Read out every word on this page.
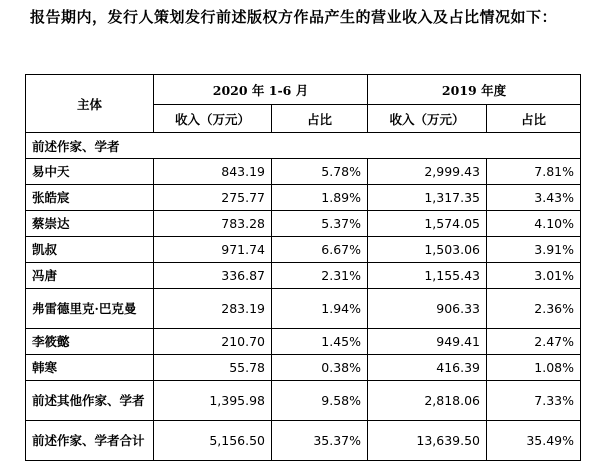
报告期内，发行人策划发行前述版权方作品产生的营业收入及占比情况如下：
主体	2020 年 1-6 月		2019 年度	
	收入（万元）	占比	收入（万元）	占比
前述作家、学者				
易中天	843.19	5.78%	2,999.43	7.81%
张皓宸	275.77	1.89%	1,317.35	3.43%
蔡崇达	783.28	5.37%	1,574.05	4.10%
凯叔	971.74	6.67%	1,503.06	3.91%
冯唐	336.87	2.31%	1,155.43	3.01%
弗雷德里克·巴克曼	283.19	1.94%	906.33	2.36%
李筱懿	210.70	1.45%	949.41	2.47%
韩寒	55.78	0.38%	416.39	1.08%
前述其他作家、学者	1,395.98	9.58%	2,818.06	7.33%
前述作家、学者合计	5,156.50	35.37%	13,639.50	35.49%
